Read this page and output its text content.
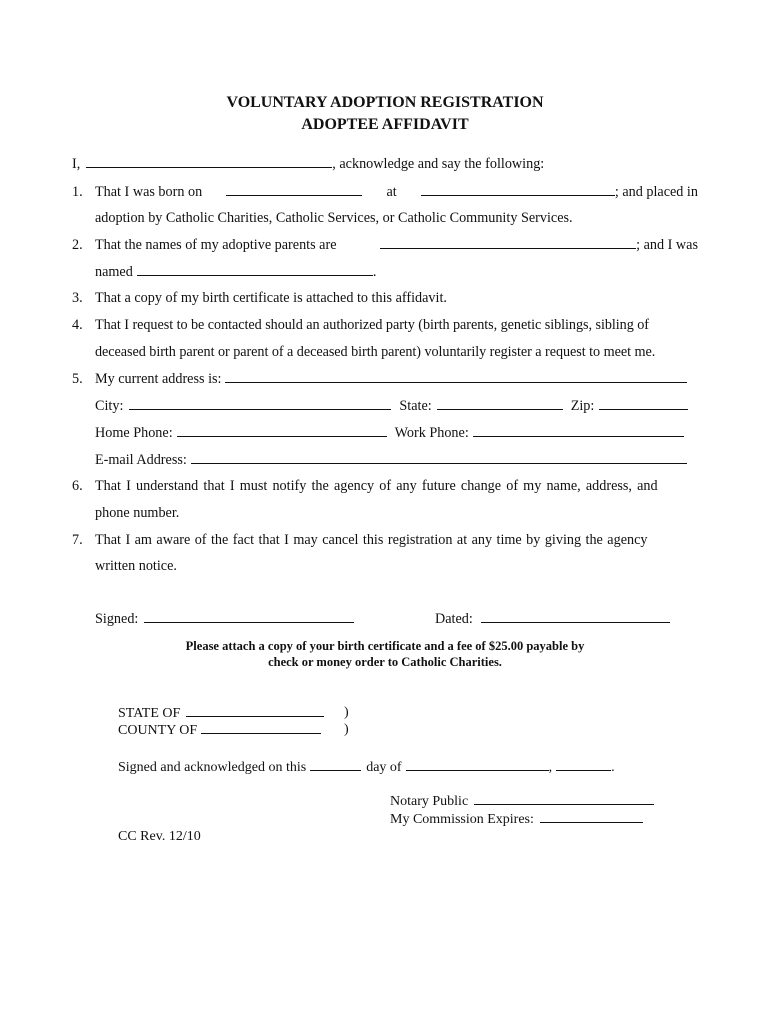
VOLUNTARY ADOPTION REGISTRATION
ADOPTEE AFFIDAVIT
I,	, acknowledge and say the following:
1. That I was born on	at	; and placed in
adoption by Catholic Charities, Catholic Services, or Catholic Community Services.
2. That the names of my adoptive parents are	; and I was
named	.
3. That a copy of my birth certificate is attached to this affidavit.
4. That I request to be contacted should an authorized party (birth parents, genetic siblings, sibling of
deceased birth parent or parent of a deceased birth parent) voluntarily register a request to meet me.
5. My current address is:
City:	State:	Zip:
Home Phone:	Work Phone:
E-mail Address:
6. That I understand that I must notify the agency of any future change of my name, address, and
phone number.
7. That I am aware of the fact that I may cancel this registration at any time by giving the agency
written notice.
Signed:	Dated:
Please attach a copy of your birth certificate and a fee of $25.00 payable by
check or money order to Catholic Charities.
STATE OF	)
COUNTY OF	)
Signed and acknowledged on this	day of	,	.
Notary Public
My Commission Expires:
CC Rev. 12/10
